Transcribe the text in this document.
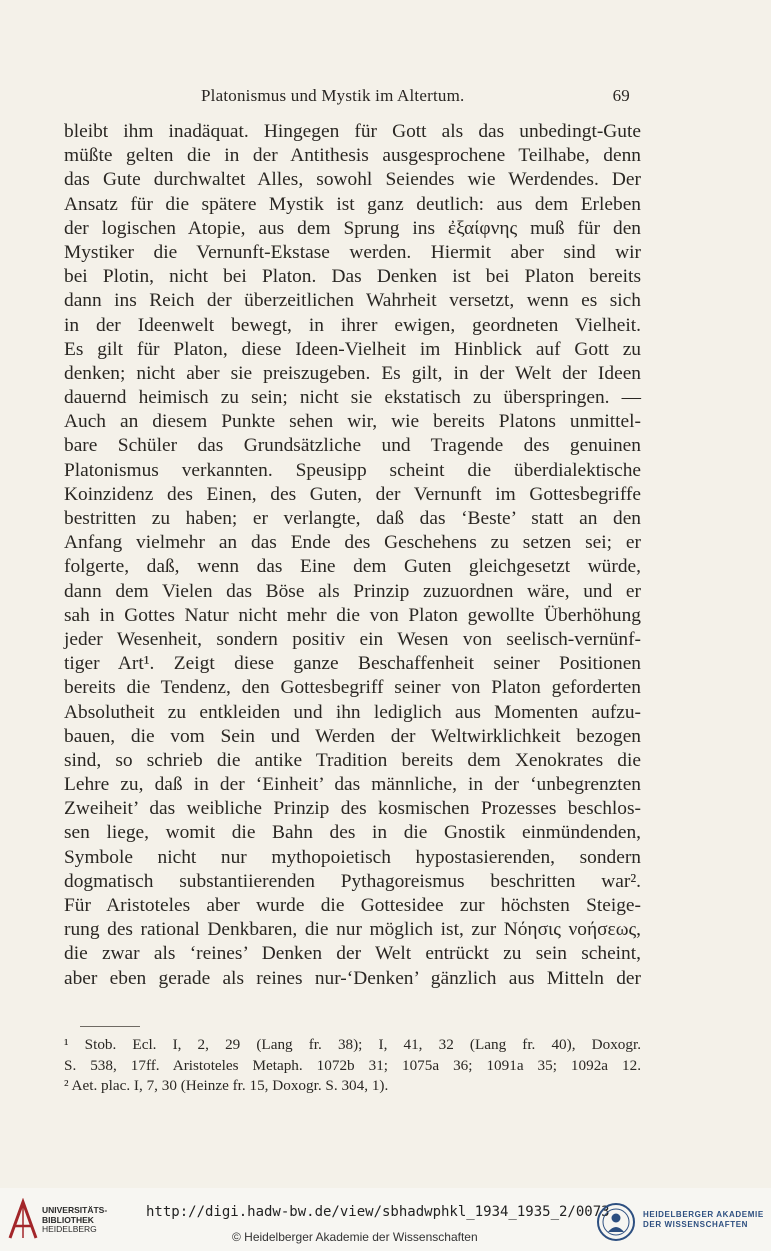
Platonismus und Mystik im Altertum.	69
bleibt ihm inadäquat. Hingegen für Gott als das unbedingt-Gute
müßte gelten die in der Antithesis ausgesprochene Teilhabe, denn
das Gute durchwaltet Alles, sowohl Seiendes wie Werdendes. Der
Ansatz für die spätere Mystik ist ganz deutlich: aus dem Erleben
der logischen Atopie, aus dem Sprung ins ἐξαίφνης muß für den
Mystiker die Vernunft-Ekstase werden. Hiermit aber sind wir
bei Plotin, nicht bei Platon. Das Denken ist bei Platon bereits
dann ins Reich der überzeitlichen Wahrheit versetzt, wenn es sich
in der Ideenwelt bewegt, in ihrer ewigen, geordneten Vielheit.
Es gilt für Platon, diese Ideen-Vielheit im Hinblick auf Gott zu
denken; nicht aber sie preiszugeben. Es gilt, in der Welt der Ideen
dauernd heimisch zu sein; nicht sie ekstatisch zu überspringen. —
Auch an diesem Punkte sehen wir, wie bereits Platons unmittel-
bare Schüler das Grundsätzliche und Tragende des genuinen
Platonismus verkannten. Speusipp scheint die überdialektische
Koinzidenz des Einen, des Guten, der Vernunft im Gottesbegriffe
bestritten zu haben; er verlangte, daß das ‘Beste’ statt an den
Anfang vielmehr an das Ende des Geschehens zu setzen sei; er
folgerte, daß, wenn das Eine dem Guten gleichgesetzt würde,
dann dem Vielen das Böse als Prinzip zuzuordnen wäre, und er
sah in Gottes Natur nicht mehr die von Platon gewollte Überhöhung
jeder Wesenheit, sondern positiv ein Wesen von seelisch-vernünf-
tiger Art¹. Zeigt diese ganze Beschaffenheit seiner Positionen
bereits die Tendenz, den Gottesbegriff seiner von Platon geforderten
Absolutheit zu entkleiden und ihn lediglich aus Momenten aufzu-
bauen, die vom Sein und Werden der Weltwirklichkeit bezogen
sind, so schrieb die antike Tradition bereits dem Xenokrates die
Lehre zu, daß in der ‘Einheit’ das männliche, in der ‘unbegrenzten
Zweiheit’ das weibliche Prinzip des kosmischen Prozesses beschlos-
sen liege, womit die Bahn des in die Gnostik einmündenden,
Symbole nicht nur mythopoietisch hypostasierenden, sondern
dogmatisch substantiierenden Pythagoreismus beschritten war².
Für Aristoteles aber wurde die Gottesidee zur höchsten Steige-
rung des rational Denkbaren, die nur möglich ist, zur Νόησις νοήσεως,
die zwar als ‘reines’ Denken der Welt entrückt zu sein scheint,
aber eben gerade als reines nur-‘Denken’ gänzlich aus Mitteln der
¹ Stob. Ecl. I, 2, 29 (Lang fr. 38); I, 41, 32 (Lang fr. 40), Doxogr.
S. 538, 17ff. Aristoteles Metaph. 1072b 31; 1075a 36; 1091a 35; 1092a 12.
² Aet. plac. I, 7, 30 (Heinze fr. 15, Doxogr. S. 304, 1).
UNIVERSITÄTS-
BIBLIOTHEK
HEIDELBERG
http://digi.hadw-bw.de/view/sbhadwphkl_1934_1935_2/0073
© Heidelberger Akademie der Wissenschaften
HEIDELBERGER AKADEMIE
DER WISSENSCHAFTEN
